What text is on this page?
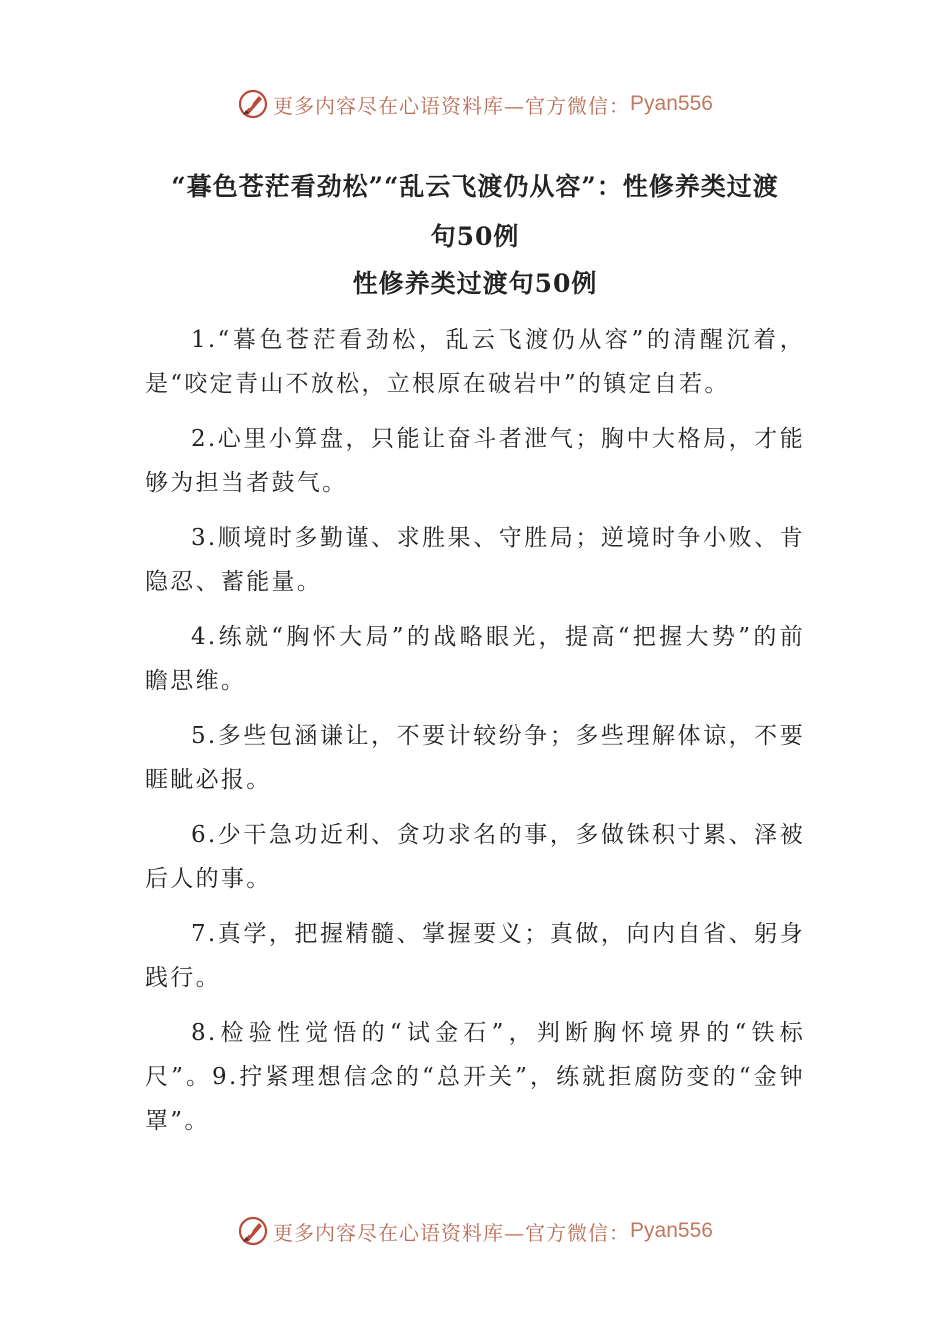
更多内容尽在心语资料库—官方微信： Pyan556
“暮色苍茫看劲松”“乱云飞渡仍从容”：性修养类过渡
句50例
性修养类过渡句50例

1.“暮色苍茫看劲松，乱云飞渡仍从容”的清醒沉着，是“咬定青山不放松，立根原在破岩中”的镇定自若。

2.心里小算盘，只能让奋斗者泄气；胸中大格局，才能够为担当者鼓气。

3.顺境时多勤谨、求胜果、守胜局；逆境时争小败、肯隐忍、蓄能量。

4.练就“胸怀大局”的战略眼光，提高“把握大势”的前瞻思维。

5.多些包涵谦让，不要计较纷争；多些理解体谅，不要睚眦必报。

6.少干急功近利、贪功求名的事，多做铢积寸累、泽被后人的事。

7.真学，把握精髓、掌握要义；真做，向内自省、躬身践行。

8.检验性觉悟的“试金石”，判断胸怀境界的“铁标尺”。9.拧紧理想信念的“总开关”，练就拒腐防变的“金钟罩”。

更多内容尽在心语资料库—官方微信： Pyan556
